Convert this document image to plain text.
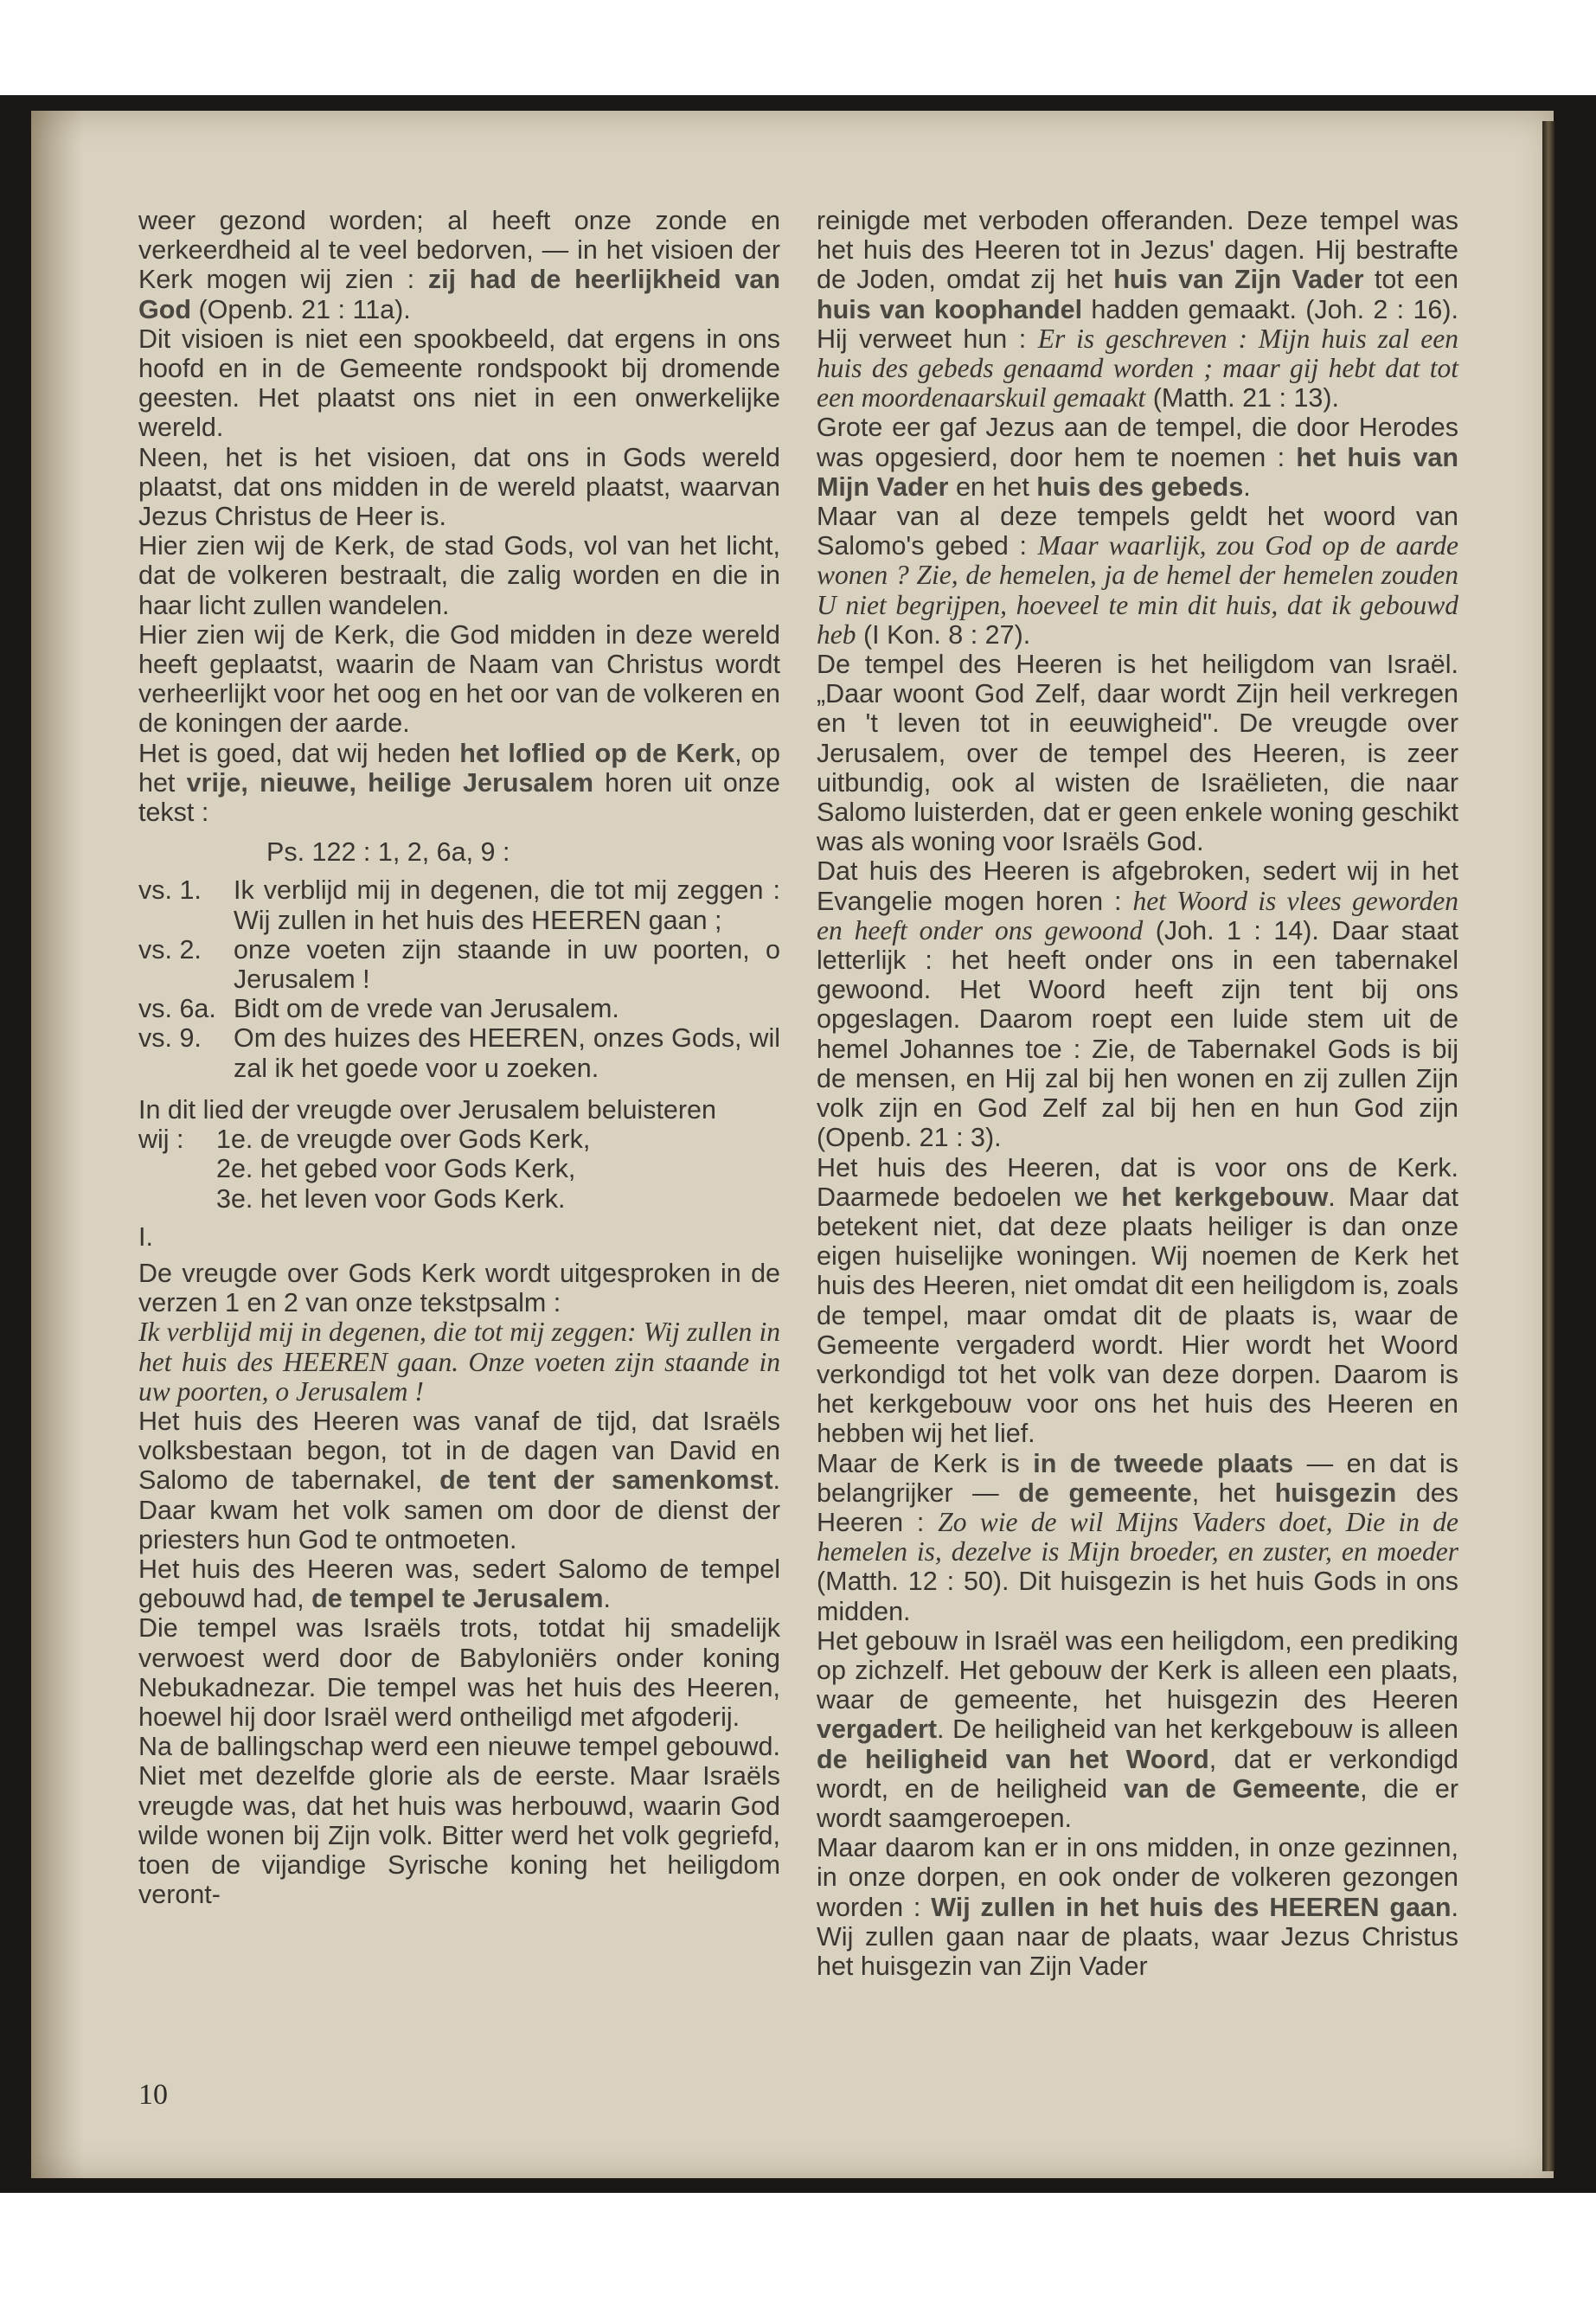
weer gezond worden; al heeft onze zonde en verkeerdheid al te veel bedorven, — in het visioen der Kerk mogen wij zien : zij had de heerlijkheid van God (Openb. 21 : 11a).

Dit visioen is niet een spookbeeld, dat ergens in ons hoofd en in de Gemeente rondspookt bij dromende geesten. Het plaatst ons niet in een onwerkelijke wereld.

Neen, het is het visioen, dat ons in Gods wereld plaatst, dat ons midden in de wereld plaatst, waarvan Jezus Christus de Heer is.

Hier zien wij de Kerk, de stad Gods, vol van het licht, dat de volkeren bestraalt, die zalig worden en die in haar licht zullen wandelen.

Hier zien wij de Kerk, die God midden in deze wereld heeft geplaatst, waarin de Naam van Christus wordt verheerlijkt voor het oog en het oor van de volkeren en de koningen der aarde.

Het is goed, dat wij heden het loflied op de Kerk, op het vrije, nieuwe, heilige Jerusalem horen uit onze tekst :

Ps. 122 : 1, 2, 6a, 9 :

vs. 1.	Ik verblijd mij in degenen, die tot mij zeggen : Wij zullen in het huis des HEEREN gaan ;
vs. 2.	onze voeten zijn staande in uw poorten, o Jerusalem !
vs. 6a. Bidt om de vrede van Jerusalem.
vs. 9.	Om des huizes des HEEREN, onzes Gods, wil zal ik het goede voor u zoeken.

In dit lied der vreugde over Jerusalem beluisteren

wij :	1e. de vreugde over Gods Kerk,
2e. het gebed voor Gods Kerk,
3e. het leven voor Gods Kerk.

I.

De vreugde over Gods Kerk wordt uitgesproken in de verzen 1 en 2 van onze tekstpsalm :

Ik verblijd mij in degenen, die tot mij zeggen: Wij zullen in het huis des HEEREN gaan. Onze voeten zijn staande in uw poorten, o Jerusalem !

Het huis des Heeren was vanaf de tijd, dat Israëls volksbestaan begon, tot in de dagen van David en Salomo de tabernakel, de tent der samenkomst. Daar kwam het volk samen om door de dienst der priesters hun God te ontmoeten.

Het huis des Heeren was, sedert Salomo de tempel gebouwd had, de tempel te Jerusalem.

Die tempel was Israëls trots, totdat hij smadelijk verwoest werd door de Babyloniërs onder koning Nebukadnezar. Die tempel was het huis des Heeren, hoewel hij door Israël werd ontheiligd met afgoderij.

Na de ballingschap werd een nieuwe tempel gebouwd. Niet met dezelfde glorie als de eerste. Maar Israëls vreugde was, dat het huis was herbouwd, waarin God wilde wonen bij Zijn volk. Bitter werd het volk gegriefd, toen de vijandige Syrische koning het heiligdom veront-

reinigde met verboden offeranden. Deze tempel was het huis des Heeren tot in Jezus' dagen. Hij bestrafte de Joden, omdat zij het huis van Zijn Vader tot een huis van koophandel hadden gemaakt. (Joh. 2 : 16). Hij verweet hun : Er is geschreven : Mijn huis zal een huis des gebeds genaamd worden ; maar gij hebt dat tot een moordenaarskuil gemaakt (Matth. 21 : 13).

Grote eer gaf Jezus aan de tempel, die door Herodes was opgesierd, door hem te noemen : het huis van Mijn Vader en het huis des gebeds.

Maar van al deze tempels geldt het woord van Salomo's gebed : Maar waarlijk, zou God op de aarde wonen ? Zie, de hemelen, ja de hemel der hemelen zouden U niet begrijpen, hoeveel te min dit huis, dat ik gebouwd heb (I Kon. 8 : 27).

De tempel des Heeren is het heiligdom van Israël. „Daar woont God Zelf, daar wordt Zijn heil verkregen en 't leven tot in eeuwigheid". De vreugde over Jerusalem, over de tempel des Heeren, is zeer uitbundig, ook al wisten de Israëlieten, die naar Salomo luisterden, dat er geen enkele woning geschikt was als woning voor Israëls God.

Dat huis des Heeren is afgebroken, sedert wij in het Evangelie mogen horen : het Woord is vlees geworden en heeft onder ons gewoond (Joh. 1 : 14). Daar staat letterlijk : het heeft onder ons in een tabernakel gewoond. Het Woord heeft zijn tent bij ons opgeslagen. Daarom roept een luide stem uit de hemel Johannes toe : Zie, de Tabernakel Gods is bij de mensen, en Hij zal bij hen wonen en zij zullen Zijn volk zijn en God Zelf zal bij hen en hun God zijn (Openb. 21 : 3).

Het huis des Heeren, dat is voor ons de Kerk. Daarmede bedoelen we het kerkgebouw. Maar dat betekent niet, dat deze plaats heiliger is dan onze eigen huiselijke woningen. Wij noemen de Kerk het huis des Heeren, niet omdat dit een heiligdom is, zoals de tempel, maar omdat dit de plaats is, waar de Gemeente vergaderd wordt. Hier wordt het Woord verkondigd tot het volk van deze dorpen. Daarom is het kerkgebouw voor ons het huis des Heeren en hebben wij het lief.

Maar de Kerk is in de tweede plaats — en dat is belangrijker — de gemeente, het huisgezin des Heeren : Zo wie de wil Mijns Vaders doet, Die in de hemelen is, dezelve is Mijn broeder, en zuster, en moeder (Matth. 12 : 50). Dit huisgezin is het huis Gods in ons midden.

Het gebouw in Israël was een heiligdom, een prediking op zichzelf. Het gebouw der Kerk is alleen een plaats, waar de gemeente, het huisgezin des Heeren vergadert. De heiligheid van het kerkgebouw is alleen de heiligheid van het Woord, dat er verkondigd wordt, en de heiligheid van de Gemeente, die er wordt saamgeroepen.

Maar daarom kan er in ons midden, in onze gezinnen, in onze dorpen, en ook onder de volkeren gezongen worden : Wij zullen in het huis des HEEREN gaan. Wij zullen gaan naar de plaats, waar Jezus Christus het huisgezin van Zijn Vader

10
